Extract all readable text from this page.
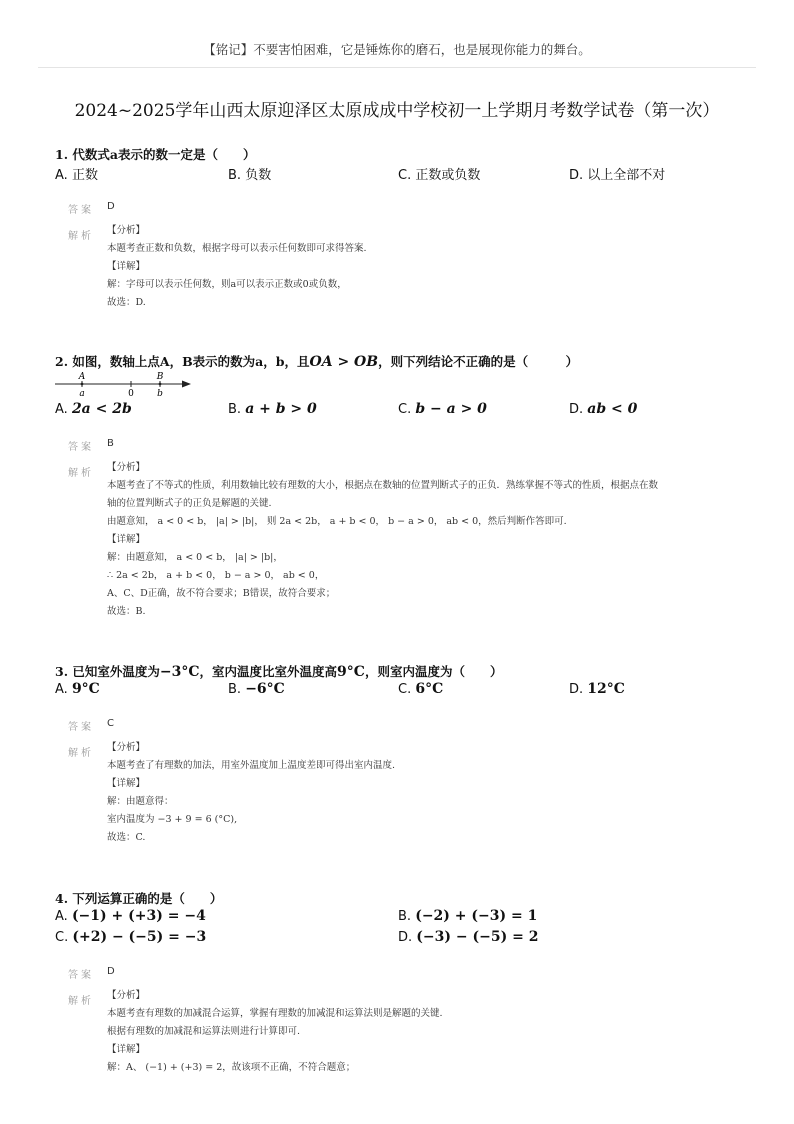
【铭记】不要害怕困难，它是锤炼你的磨石，也是展现你能力的舞台。
2024~2025学年山西太原迎泽区太原成成中学校初一上学期月考数学试卷（第一次）
1. 代数式a表示的数一定是（　　）
A. 正数	B. 负数	C. 正数或负数	D. 以上全部不对
答案 D
解析
【分析】
本题考查正数和负数，根据字母可以表示任何数即可求得答案.
【详解】
解：字母可以表示任何数，则a可以表示正数或0或负数，
故选：D.
2. 如图，数轴上点A，B表示的数为a，b，且OA > OB，则下列结论不正确的是（　　　）
A
a	0
B
b
A. 2a < 2b	B. a + b > 0	C. b − a > 0	D. ab < 0
答案 B
解析
【分析】
本题考查了不等式的性质，利用数轴比较有理数的大小，根据点在数轴的位置判断式子的正负．熟练掌握不等式的性质，根据点在数
轴的位置判断式子的正负是解题的关键.
由题意知， a < 0 < b， |a| > |b|， 则 2a < 2b， a + b < 0， b − a > 0， ab < 0，然后判断作答即可.
【详解】
解：由题意知， a < 0 < b， |a| > |b|，
∴ 2a < 2b， a + b < 0， b − a > 0， ab < 0，
A、C、D正确，故不符合要求；B错误，故符合要求；
故选：B.
3. 已知室外温度为−3°C，室内温度比室外温度高9°C，则室内温度为（　　）
A. 9°C	B. −6°C	C. 6°C	D. 12°C
答案 C
解析
【分析】
本题考查了有理数的加法，用室外温度加上温度差即可得出室内温度.
【详解】
解：由题意得：
室内温度为 −3 + 9 = 6 (°C),
故选：C.
4. 下列运算正确的是（　　）
A. (−1) + (+3) = −4	B. (−2) + (−3) = 1
C. (+2) − (−5) = −3	D. (−3) − (−5) = 2
答案 D
解析
【分析】
本题考查有理数的加减混合运算，掌握有理数的加减混和运算法则是解题的关键.
根据有理数的加减混和运算法则进行计算即可.
【详解】
解：A、 (−1) + (+3) = 2，故该项不正确，不符合题意；
